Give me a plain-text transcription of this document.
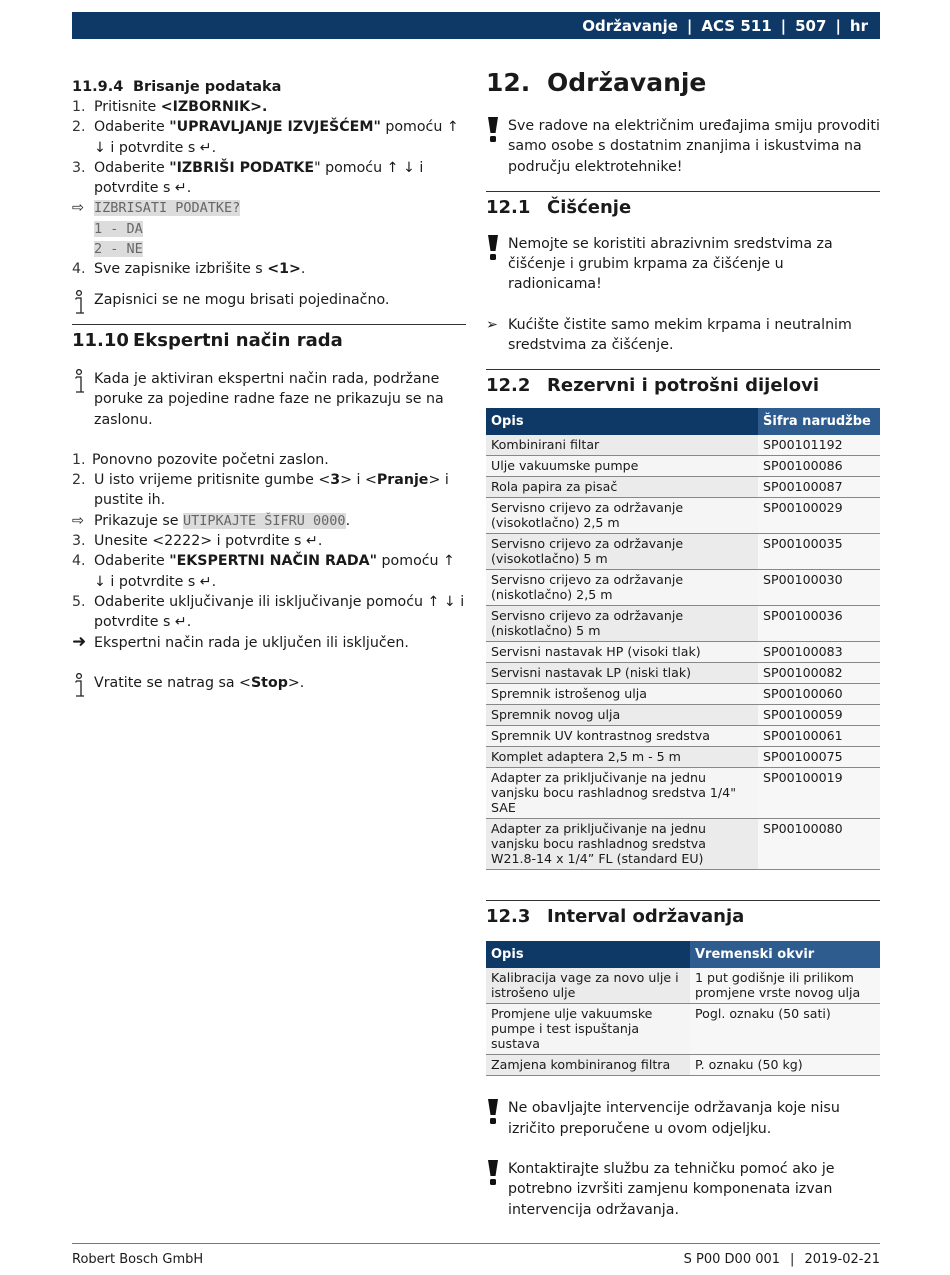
Održavanje | ACS 511 | 507 | hr

11.9.4 Brisanje podataka

1. Pritisnite <IZBORNIK>.
2. Odaberite "UPRAVLJANJE IZVJEŠĆEM" pomoću ↑ ↓ i potvrdite s ↵.
3. Odaberite "IZBRIŠI PODATKE" pomoću ↑ ↓ i potvrdite s ↵.
⇨ IZBRISATI PODATKE?
1 - DA
2 - NE
4. Sve zapisnike izbrišite s <1>.
Zapisnici se ne mogu brisati pojedinačno.

11.10 Ekspertni način rada

Kada je aktiviran ekspertni način rada, podržane poruke za pojedine radne faze ne prikazuju se na zaslonu.
1. Ponovno pozovite početni zaslon.
2. U isto vrijeme pritisnite gumbe <3> i <Pranje> i pustite ih.
⇨ Prikazuje se UTIPKAJTE ŠIFRU 0000.
3. Unesite <2222> i potvrdite s ↵.
4. Odaberite "EKSPERTNI NAČIN RADA" pomoću ↑ ↓ i potvrdite s ↵.
5. Odaberite uključivanje ili isključivanje pomoću ↑ ↓ i potvrdite s ↵.
➜ Ekspertni način rada je uključen ili isključen.
Vratite se natrag sa <Stop>.

12. Održavanje

Sve radove na električnim uređajima smiju provoditi samo osobe s dostatnim znanjima i iskustvima na području elektrotehnike!

12.1 Čišćenje

Nemojte se koristiti abrazivnim sredstvima za čišćenje i grubim krpama za čišćenje u radionicama!
➢ Kućište čistite samo mekim krpama i neutralnim sredstvima za čišćenje.

12.2 Rezervni i potrošni dijelovi

Opis	Šifra narudžbe
Kombinirani filtar	SP00101192
Ulje vakuumske pumpe	SP00100086
Rola papira za pisač	SP00100087
Servisno crijevo za održavanje (visokotlačno) 2,5 m	SP00100029
Servisno crijevo za održavanje (visokotlačno) 5 m	SP00100035
Servisno crijevo za održavanje (niskotlačno) 2,5 m	SP00100030
Servisno crijevo za održavanje (niskotlačno) 5 m	SP00100036
Servisni nastavak HP (visoki tlak)	SP00100083
Servisni nastavak LP (niski tlak)	SP00100082
Spremnik istrošenog ulja	SP00100060
Spremnik novog ulja	SP00100059
Spremnik UV kontrastnog sredstva	SP00100061
Komplet adaptera 2,5 m - 5 m	SP00100075
Adapter za priključivanje na jednu vanjsku bocu rashladnog sredstva 1/4" SAE	SP00100019
Adapter za priključivanje na jednu vanjsku bocu rashladnog sredstva W21.8-14 x 1/4” FL (standard EU)	SP00100080

12.3 Interval održavanja

Opis	Vremenski okvir
Kalibracija vage za novo ulje i istrošeno ulje	1 put godišnje ili prilikom promjene vrste novog ulja
Promjene ulje vakuumske pumpe i test ispuštanja sustava	Pogl. oznaku (50 sati)
Zamjena kombiniranog filtra	P. oznaku (50 kg)
Ne obavljajte intervencije održavanja koje nisu izričito preporučene u ovom odjeljku.
Kontaktirajte službu za tehničku pomoć ako je potrebno izvršiti zamjenu komponenata izvan intervencija održavanja.
Robert Bosch GmbH	S P00 D00 001 | 2019-02-21
